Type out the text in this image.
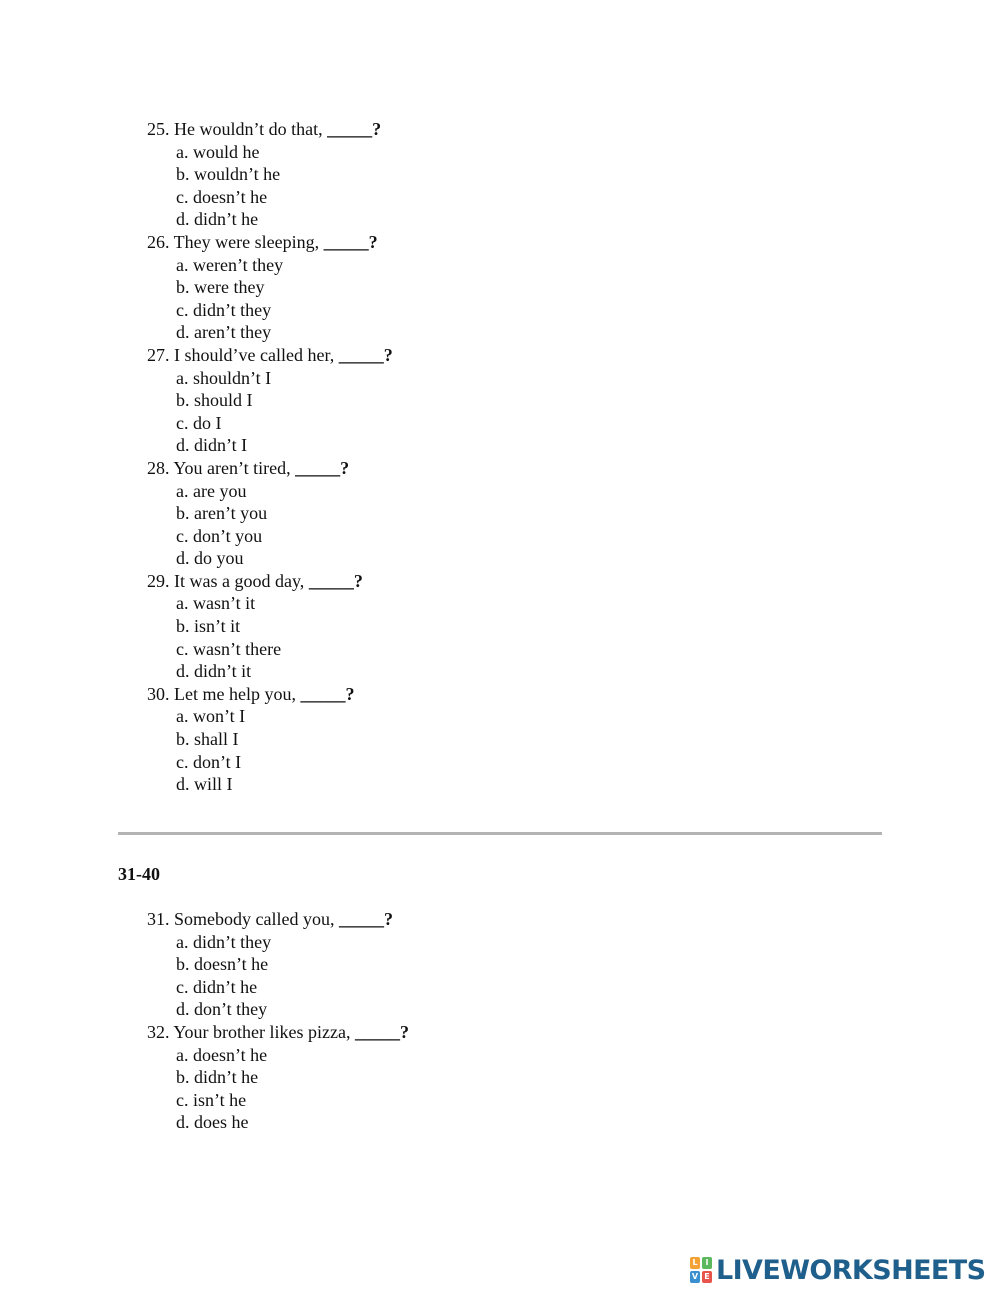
25. He wouldn’t do that, _____?
a. would he
b. wouldn’t he
c. doesn’t he
d. didn’t he
26. They were sleeping, _____?
a. weren’t they
b. were they
c. didn’t they
d. aren’t they
27. I should’ve called her, _____?
a. shouldn’t I
b. should I
c. do I
d. didn’t I
28. You aren’t tired, _____?
a. are you
b. aren’t you
c. don’t you
d. do you
29. It was a good day, _____?
a. wasn’t it
b. isn’t it
c. wasn’t there
d. didn’t it
30. Let me help you, _____?
a. won’t I
b. shall I
c. don’t I
d. will I
31-40
31. Somebody called you, _____?
a. didn’t they
b. doesn’t he
c. didn’t he
d. don’t they
32. Your brother likes pizza, _____?
a. doesn’t he
b. didn’t he
c. isn’t he
d. does he
L I
V E LIVEWORKSHEETS
